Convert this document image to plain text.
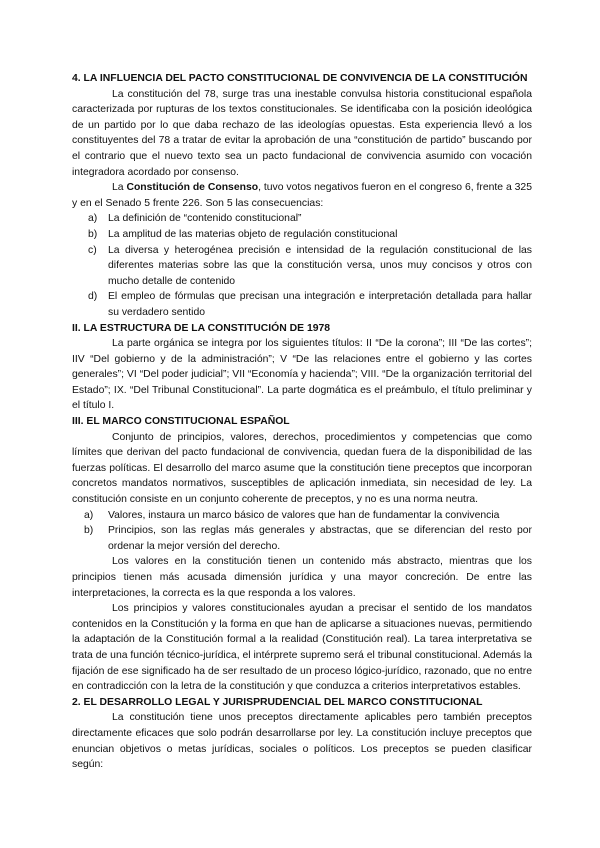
4. LA INFLUENCIA DEL PACTO CONSTITUCIONAL DE CONVIVENCIA DE LA CONSTITUCIÓN

La constitución del 78, surge tras una inestable convulsa historia constitucional española caracterizada por rupturas de los textos constitucionales. Se identificaba con la posición ideológica de un partido por lo que daba rechazo de las ideologías opuestas. Esta experiencia llevó a los constituyentes del 78 a tratar de evitar la aprobación de una “constitución de partido” buscando por el contrario que el nuevo texto sea un pacto fundacional de convivencia asumido con vocación integradora acordado por consenso.

La Constitución de Consenso, tuvo votos negativos fueron en el congreso 6, frente a 325 y en el Senado 5 frente 226. Son 5 las consecuencias:

a) La definición de “contenido constitucional”
b) La amplitud de las materias objeto de regulación constitucional
c) La diversa y heterogénea precisión e intensidad de la regulación constitucional de las diferentes materias sobre las que la constitución versa, unos muy concisos y otros con mucho detalle de contenido
d) El empleo de fórmulas que precisan una integración e interpretación detallada para hallar su verdadero sentido
II. LA ESTRUCTURA DE LA CONSTITUCIÓN DE 1978

La parte orgánica se integra por los siguientes títulos: II “De la corona”; III “De las cortes”; IIV “Del gobierno y de la administración”; V “De las relaciones entre el gobierno y las cortes generales”; VI “Del poder judicial”; VII “Economía y hacienda”; VIII. “De la organización territorial del Estado”; IX. “Del Tribunal Constitucional”. La parte dogmática es el preámbulo, el título preliminar y el título I.

III. EL MARCO CONSTITUCIONAL ESPAÑOL

Conjunto de principios, valores, derechos, procedimientos y competencias que como límites que derivan del pacto fundacional de convivencia, quedan fuera de la disponibilidad de las fuerzas políticas. El desarrollo del marco asume que la constitución tiene preceptos que incorporan concretos mandatos normativos, susceptibles de aplicación inmediata, sin necesidad de ley. La constitución consiste en un conjunto coherente de preceptos, y no es una norma neutra.

a) Valores, instaura un marco básico de valores que han de fundamentar la convivencia
b) Principios, son las reglas más generales y abstractas, que se diferencian del resto por ordenar la mejor versión del derecho.

Los valores en la constitución tienen un contenido más abstracto, mientras que los principios tienen más acusada dimensión jurídica y una mayor concreción. De entre las interpretaciones, la correcta es la que responda a los valores.

Los principios y valores constitucionales ayudan a precisar el sentido de los mandatos contenidos en la Constitución y la forma en que han de aplicarse a situaciones nuevas, permitiendo la adaptación de la Constitución formal a la realidad (Constitución real). La tarea interpretativa se trata de una función técnico-jurídica, el intérprete supremo será el tribunal constitucional. Además la fijación de ese significado ha de ser resultado de un proceso lógico-jurídico, razonado, que no entre en contradicción con la letra de la constitución y que conduzca a criterios interpretativos estables.

2. EL DESARROLLO LEGAL Y JURISPRUDENCIAL DEL MARCO CONSTITUCIONAL

La constitución tiene unos preceptos directamente aplicables pero también preceptos directamente eficaces que solo podrán desarrollarse por ley. La constitución incluye preceptos que enuncian objetivos o metas jurídicas, sociales o políticos. Los preceptos se pueden clasificar según:
